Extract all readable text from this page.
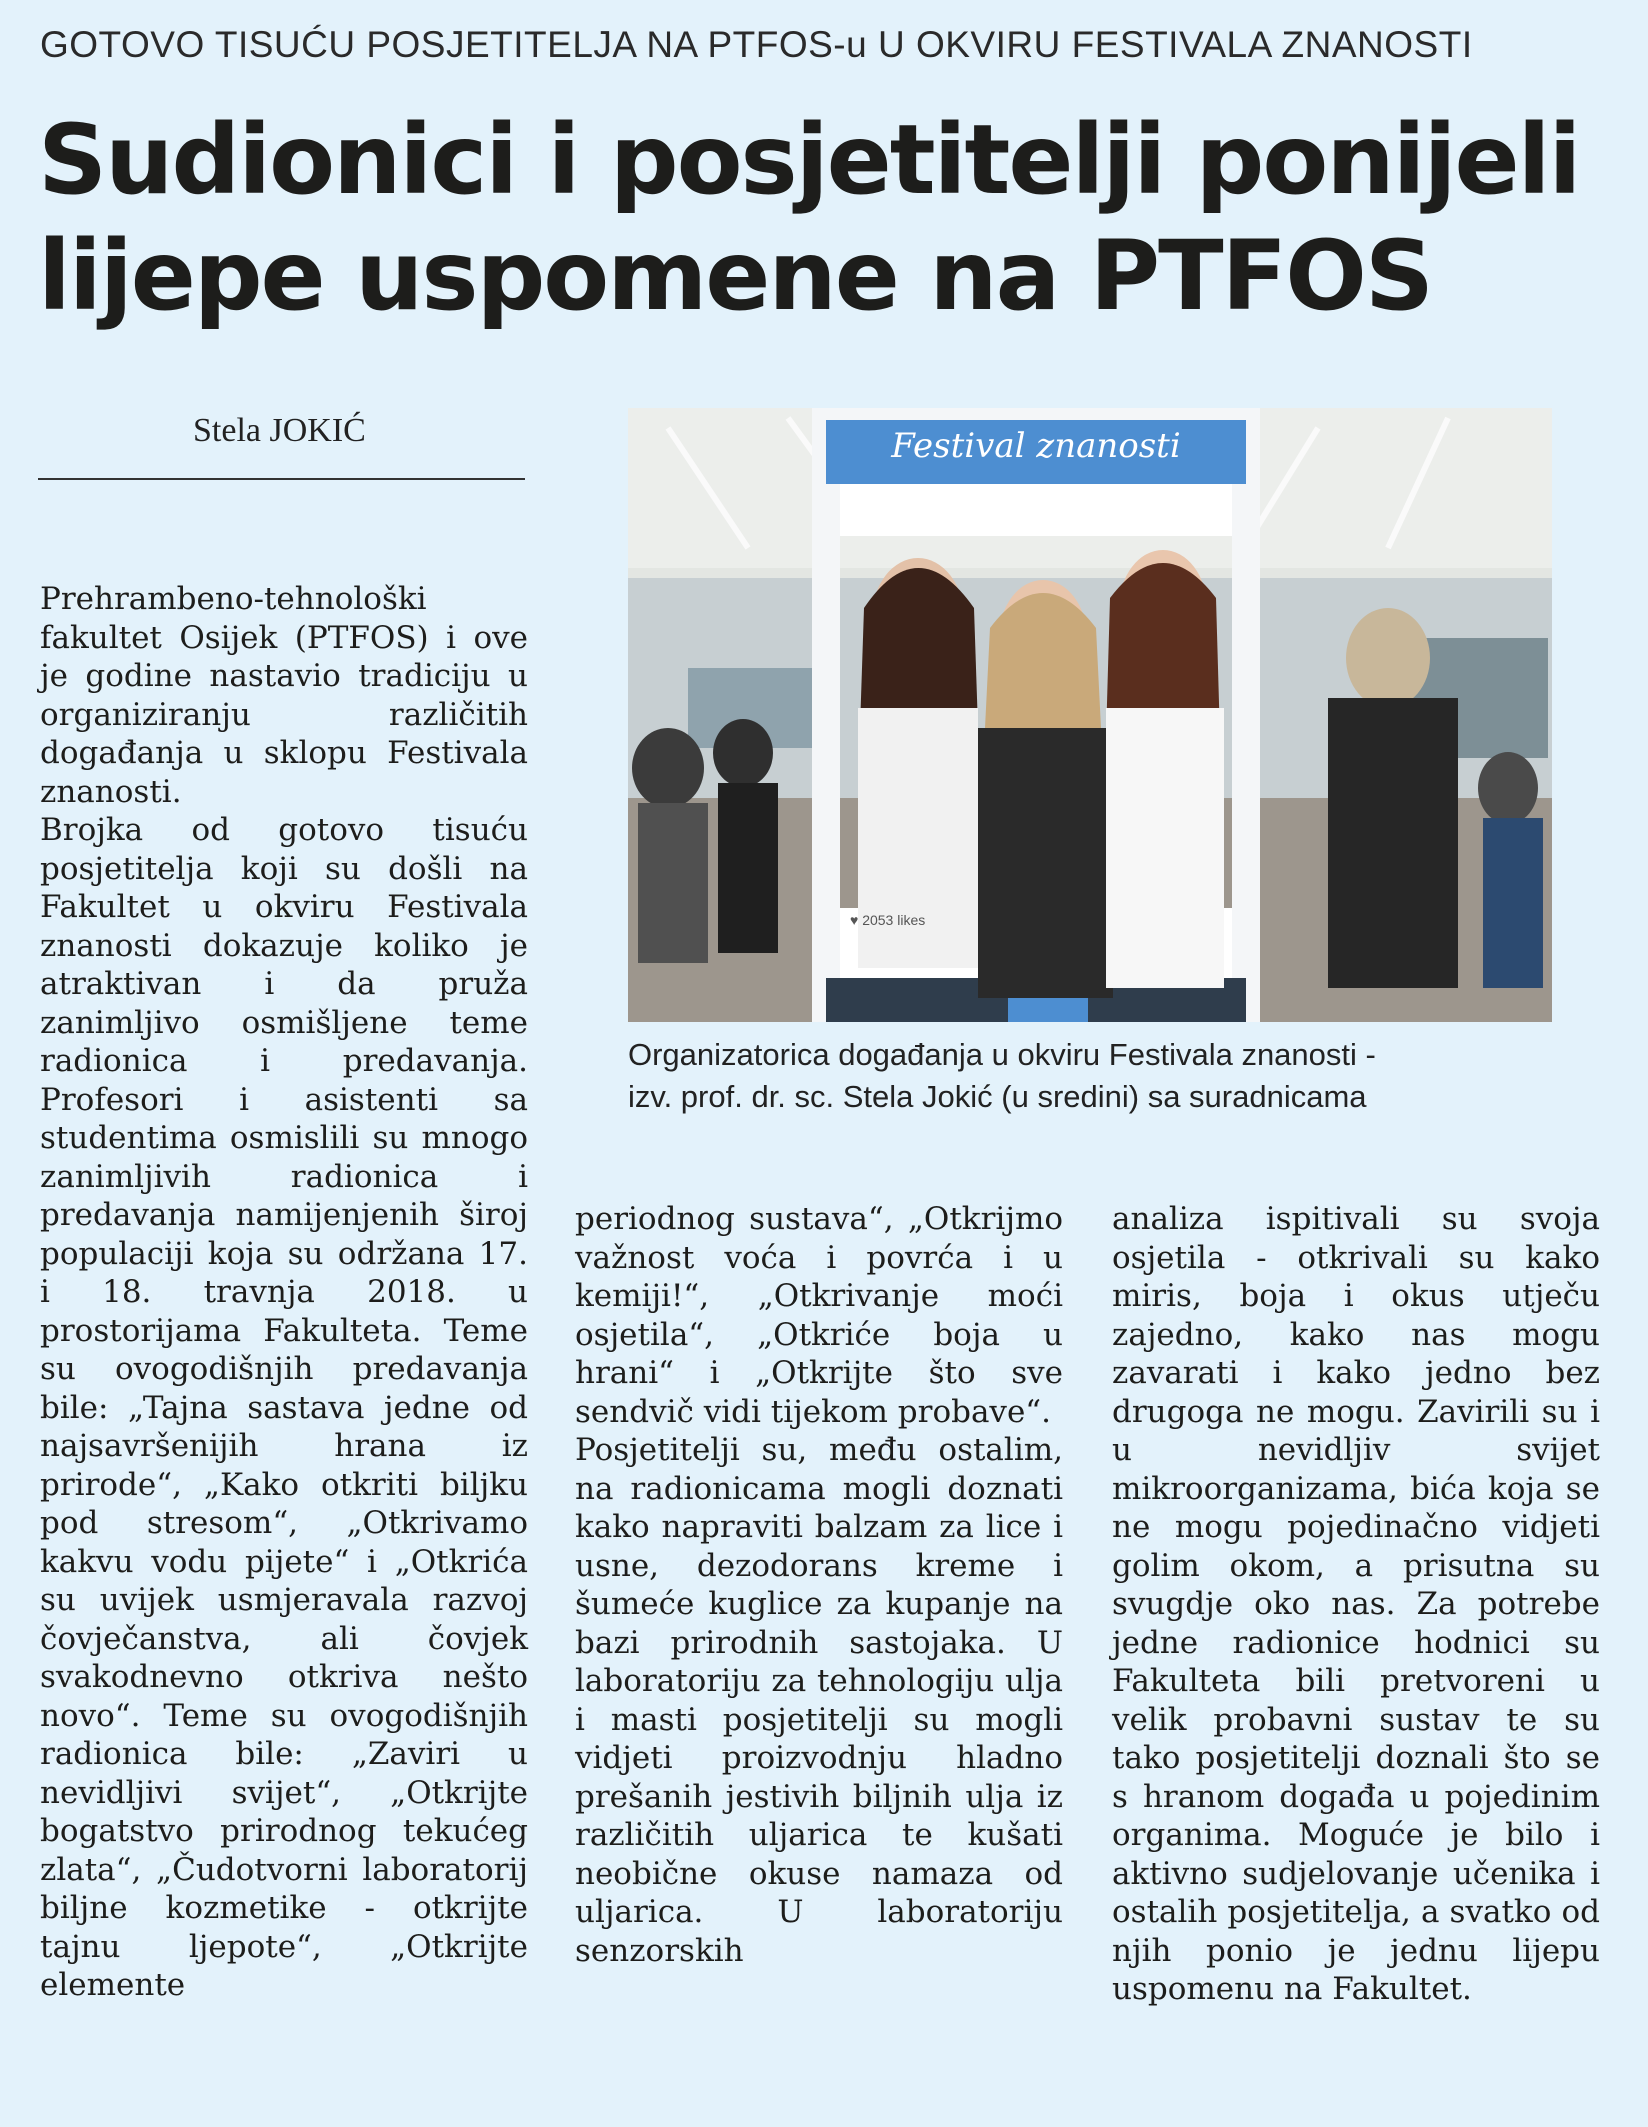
GOTOVO TISUĆU POSJETITELJA NA PTFOS-u U OKVIRU FESTIVALA ZNANOSTI
Sudionici i posjetitelji ponijeli lijepe uspomene na PTFOS
Stela JOKIĆ	Festival znanosti
♥ 2053 likes
Organizatorica događanja u okviru Festivala znanosti -
izv. prof. dr. sc. Stela Jokić (u sredini) sa suradnicama

Prehrambeno-tehnološki fakultet Osijek (PTFOS) i ove je godine nastavio tradiciju u organiziranju različitih događanja u sklopu Festivala znanosti.

Brojka od gotovo tisuću posjetitelja koji su došli na Fakultet u okviru Festivala znanosti dokazuje koliko je atraktivan i da pruža zanimljivo osmišljene teme radionica i predavanja. Profesori i asistenti sa studentima osmislili su mnogo zanimljivih radionica i predavanja namijenjenih široj populaciji koja su održana 17. i 18. travnja 2018. u prostorijama Fakulteta. Teme su ovogodišnjih predavanja bile: „Tajna sastava jedne od najsavršenijih hrana iz prirode“, „Kako otkriti biljku pod stresom“, „Otkrivamo kakvu vodu pijete“ i „Otkrića su uvijek usmjeravala razvoj čovječanstva, ali čovjek svakodnevno otkriva nešto novo“. Teme su ovogodišnjih radionica bile: „Zaviri u nevidljivi svijet“, „Otkrijte bogatstvo prirodnog tekućeg zlata“, „Čudotvorni laboratorij biljne kozmetike - otkrijte tajnu ljepote“, „Otkrijte elemente

periodnog sustava“, „Otkrijmo važnost voća i povrća i u kemiji!“, „Otkrivanje moći osjetila“, „Otkriće boja u hrani“ i „Otkrijte što sve sendvič vidi tijekom probave“.

Posjetitelji su, među ostalim, na radionicama mogli doznati kako napraviti balzam za lice i usne, dezodorans kreme i šumeće kuglice za kupanje na bazi prirodnih sastojaka. U laboratoriju za tehnologiju ulja i masti posjetitelji su mogli vidjeti proizvodnju hladno prešanih jestivih biljnih ulja iz različitih uljarica te kušati neobične okuse namaza od uljarica. U laboratoriju senzorskih

analiza ispitivali su svoja osjetila - otkrivali su kako miris, boja i okus utječu zajedno, kako nas mogu zavarati i kako jedno bez drugoga ne mogu. Zavirili su i u nevidljiv svijet mikroorganizama, bića koja se ne mogu pojedinačno vidjeti golim okom, a prisutna su svugdje oko nas. Za potrebe jedne radionice hodnici su Fakulteta bili pretvoreni u velik probavni sustav te su tako posjetitelji doznali što se s hranom događa u pojedinim organima. Moguće je bilo i aktivno sudjelovanje učenika i ostalih posjetitelja, a svatko od njih ponio je jednu lijepu uspomenu na Fakultet.
